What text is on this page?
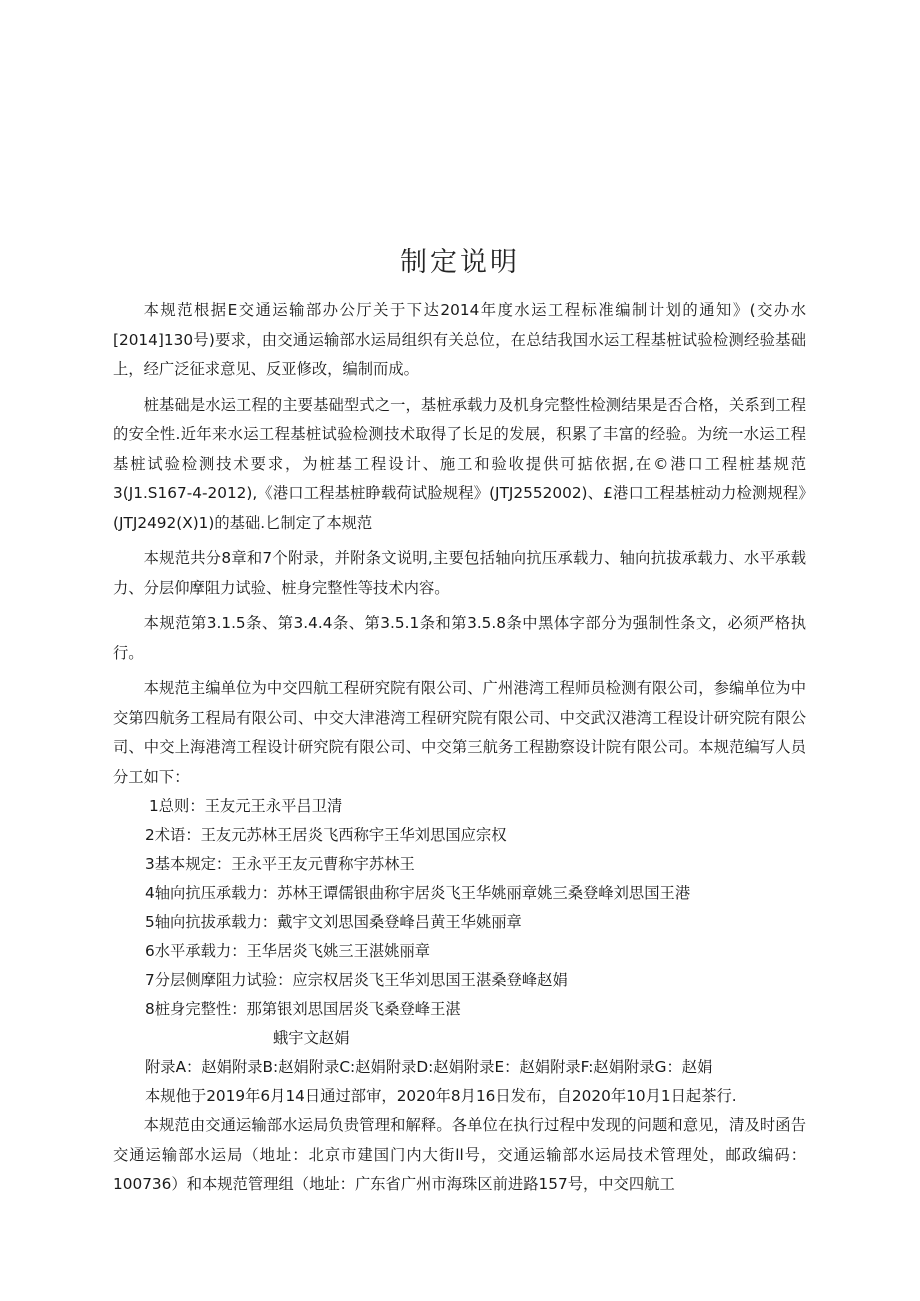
制定说明

本规范根据E交通运输部办公厅关于下达2014年度水运工程标准编制计划的通知》(交办水[2014]130号)要求，由交通运输部水运局组织有关总位，在总结我国水运工程基桩试验检测经验基础上，经广泛征求意见、反亚修改，编制而成。

桩基础是水运工程的主要基础型式之一，基桩承载力及机身完整性检测结果是否合格，关系到工程的安全性.近年来水运工程基桩试验检测技术取得了长足的发展，积累了丰富的经验。为统一水运工程基桩试验检测技术要求，为桩基工程设计、施工和验收提供可掂依据,在©港口工程桩基规范3(J1.S167-4-2012),《港口工程基桩睁载荷试脸规程》(JTJ2552002)、£港口工程基桩动力检测规程》(JTJ2492(X)1)的基础.匕制定了本规范

本规范共分8章和7个附录，并附条文说明,主要包括轴向抗压承载力、轴向抗拔承载力、水平承载力、分层仰摩阻力试验、桩身完整性等技术内容。

本规范第3.1.5条、第3.4.4条、第3.5.1条和第3.5.8条中黑体字部分为强制性条文，必须严格执行。

本规范主编单位为中交四航工程研究院有限公司、广州港湾工程师员检测有限公司，参编单位为中交第四航务工程局有限公司、中交大津港湾工程研究院有限公司、中交武汉港湾工程设计研究院有限公司、中交上海港湾工程设计研究院有限公司、中交第三航务工程勘察设计院有限公司。本规范编写人员分工如下：

1总则：王友元王永平吕卫清
2术语：王友元苏林王居炎飞西称宇王华刘思国应宗权
3基本规定：王永平王友元曹称宇苏林王
4轴向抗压承载力：苏林王谭儒银曲称宇居炎飞王华姚丽章姚三桑登峰刘思国王港
5轴向抗拔承载力：戴宇文刘思国桑登峰吕黄王华姚丽章
6水平承载力：王华居炎飞姚三王湛姚丽章
7分层侧摩阻力试验：应宗权居炎飞王华刘思国王湛桑登峰赵娟
8桩身完整性：那第银刘思国居炎飞桑登峰王湛
蛾宇文赵娟
附录A：赵娟附录B:赵娟附录C:赵娟附录D:赵娟附录E：赵娟附录F:赵娟附录G：赵娟
本规他于2019年6月14日通过部审，2020年8月16日发布，自2020年10月1日起茶行.

本规范由交通运输部水运局负贵管理和解释。各单位在执行过程中发现的问题和意见，清及时函告交通运输部水运局（地址：北京市建国门内大街ll号，交通运输部水运局技术管理处，邮政编码：100736）和本规范管理组（地址：广东省广州市海珠区前进路157号，中交四航工
